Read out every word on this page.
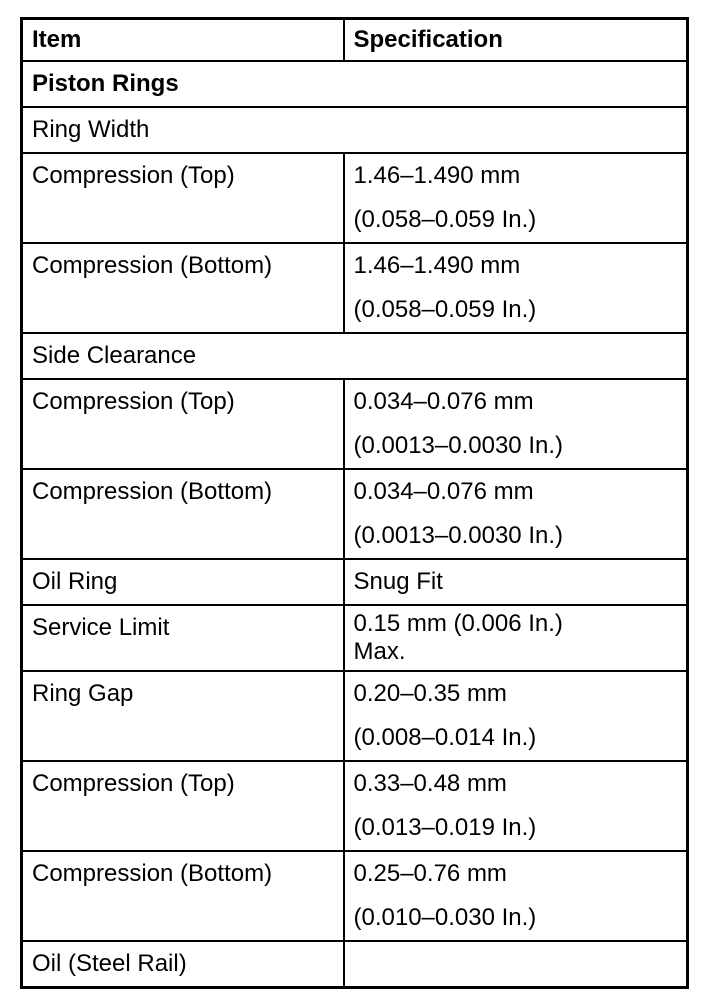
Item	Specification
Piston Rings	
Ring Width	
Compression (Top)	1.46–1.490 mm
(0.058–0.059 In.)

Compression (Bottom)	1.46–1.490 mm
(0.058–0.059 In.)

Side Clearance	
Compression (Top)	0.034–0.076 mm
(0.0013–0.0030 In.)

Compression (Bottom)	0.034–0.076 mm
(0.0013–0.0030 In.)

Oil Ring	Snug Fit
Service Limit	0.15 mm (0.006 In.)
Max.

Ring Gap	0.20–0.35 mm
(0.008–0.014 In.)

Compression (Top)	0.33–0.48 mm
(0.013–0.019 In.)

Compression (Bottom)	0.25–0.76 mm
(0.010–0.030 In.)

Oil (Steel Rail)	
